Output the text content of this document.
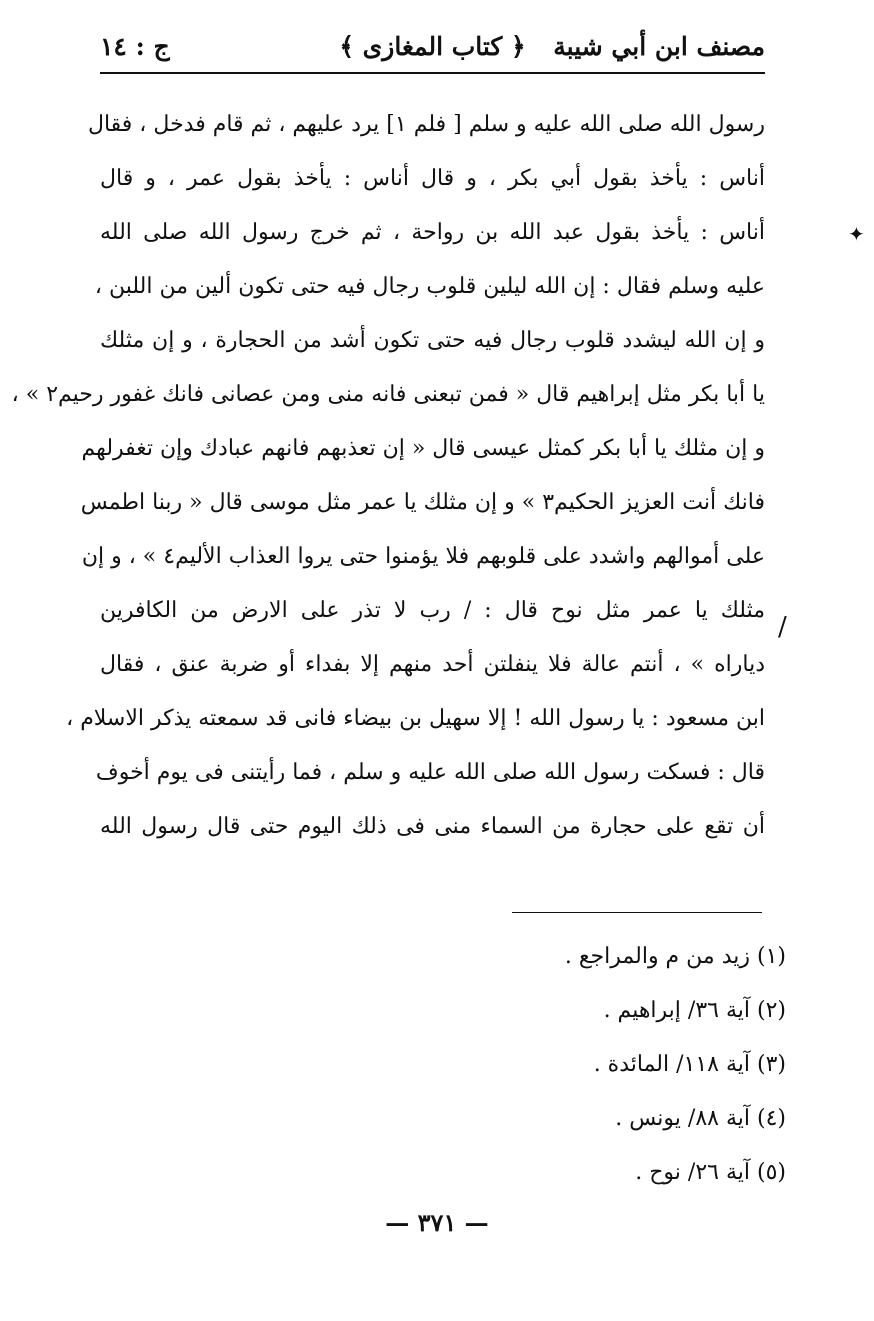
مصنف ابن أبي شيبة
﴿ كتاب المغازى ﴾
ج : ١٤
✦
رسول الله صلى الله عليه و سلم [ فلم ١] يرد عليهم ، ثم قام فدخل ، فقال
أناس : يأخذ بقول أبي بكر ، و قال أناس : يأخذ بقول عمر ، و قال
أناس : يأخذ بقول عبد الله بن رواحة ، ثم خرج رسول الله صلى الله
عليه وسلم فقال : إن الله ليلين قلوب رجال فيه حتى تكون ألين من اللبن ،
و إن الله ليشدد قلوب رجال فيه حتى تكون أشد من الحجارة ، و إن مثلك
يا أبا بكر مثل إبراهيم قال « فمن تبعنى فانه منى ومن عصانى فانك غفور رحيم٢ » ،
و إن مثلك يا أبا بكر كمثل عيسى قال « إن تعذبهم فانهم عبادك وإن تغفرلهم
فانك أنت العزيز الحكيم٣ » و إن مثلك يا عمر مثل موسى قال « ربنا اطمس
على أموالهم واشدد على قلوبهم فلا يؤمنوا حتى يروا العذاب الأليم٤ » ، و إن
مثلك يا عمر مثل نوح قال : / رب لا تذر على الارض من الكافرين
دياراه » ، أنتم عالة فلا ينفلتن أحد منهم إلا بفداء أو ضربة عنق ، فقال
ابن مسعود : يا رسول الله ! إلا سهيل بن بيضاء فانى قد سمعته يذكر الاسلام ،
قال : فسكت رسول الله صلى الله عليه و سلم ، فما رأيتنى فى يوم أخوف
أن تقع على حجارة من السماء منى فى ذلك اليوم حتى قال رسول الله
/
(١) زيد من م والمراجع .
(٢) آية ٣٦/ إبراهيم .
(٣) آية ١١٨/ المائدة .
(٤) آية ٨٨/ يونس .
(٥) آية ٢٦/ نوح .
— ٣٧١ —
